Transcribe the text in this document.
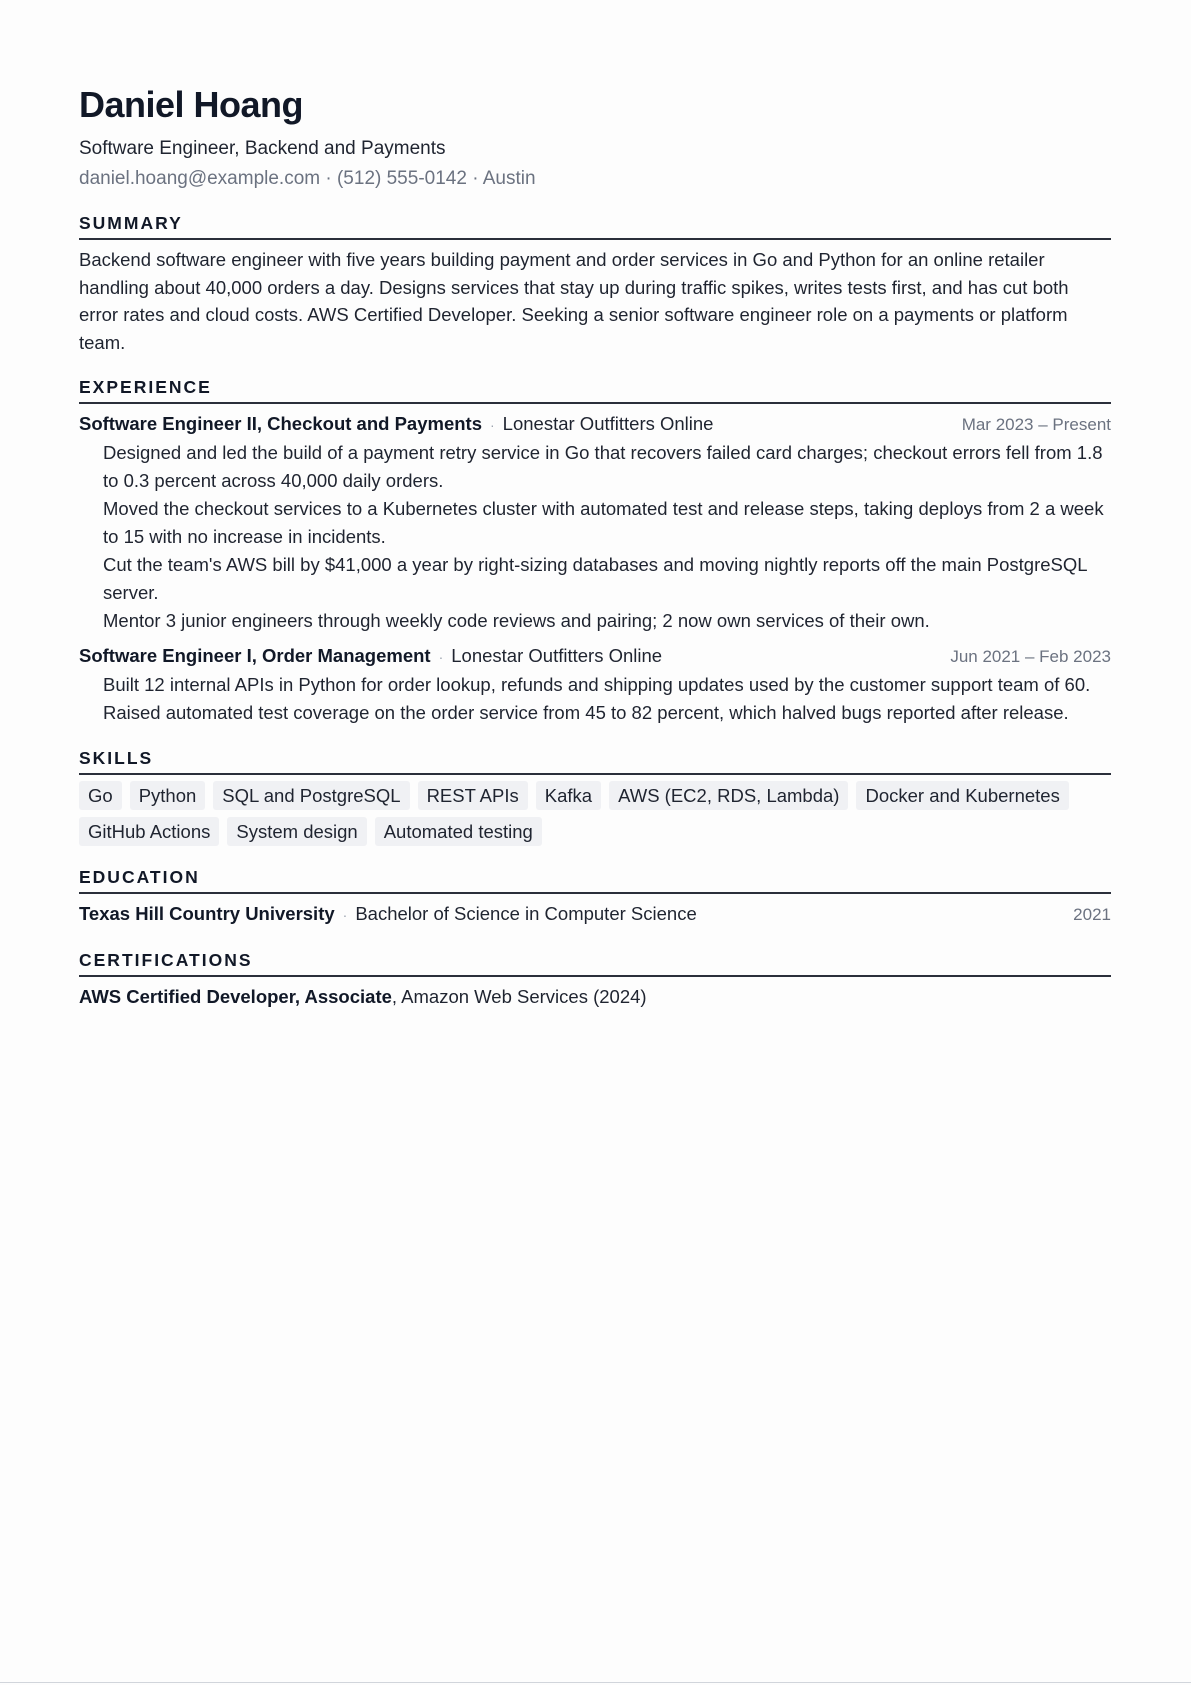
Daniel Hoang
Software Engineer, Backend and Payments
daniel.hoang@example.com · (512) 555-0142 · Austin
SUMMARY

Backend software engineer with five years building payment and order services in Go and Python for an online retailer handling about 40,000 orders a day. Designs services that stay up during traffic spikes, writes tests first, and has cut both error rates and cloud costs. AWS Certified Developer. Seeking a senior software engineer role on a payments or platform team.

EXPERIENCE
Software Engineer II, Checkout and Payments · Lonestar Outfitters Online	Mar 2023 – Present
Designed and led the build of a payment retry service in Go that recovers failed card charges; checkout errors fell from 1.8 to 0.3 percent across 40,000 daily orders.
Moved the checkout services to a Kubernetes cluster with automated test and release steps, taking deploys from 2 a week to 15 with no increase in incidents.
Cut the team's AWS bill by $41,000 a year by right-sizing databases and moving nightly reports off the main PostgreSQL server.
Mentor 3 junior engineers through weekly code reviews and pairing; 2 now own services of their own.
Software Engineer I, Order Management · Lonestar Outfitters Online	Jun 2021 – Feb 2023
Built 12 internal APIs in Python for order lookup, refunds and shipping updates used by the customer support team of 60.
Raised automated test coverage on the order service from 45 to 82 percent, which halved bugs reported after release.
SKILLS
Go	Python	SQL and PostgreSQL	REST APIs	Kafka	AWS (EC2, RDS, Lambda)	Docker and Kubernetes
GitHub Actions	System design	Automated testing
EDUCATION
Texas Hill Country University · Bachelor of Science in Computer Science	2021
CERTIFICATIONS
AWS Certified Developer, Associate, Amazon Web Services (2024)
